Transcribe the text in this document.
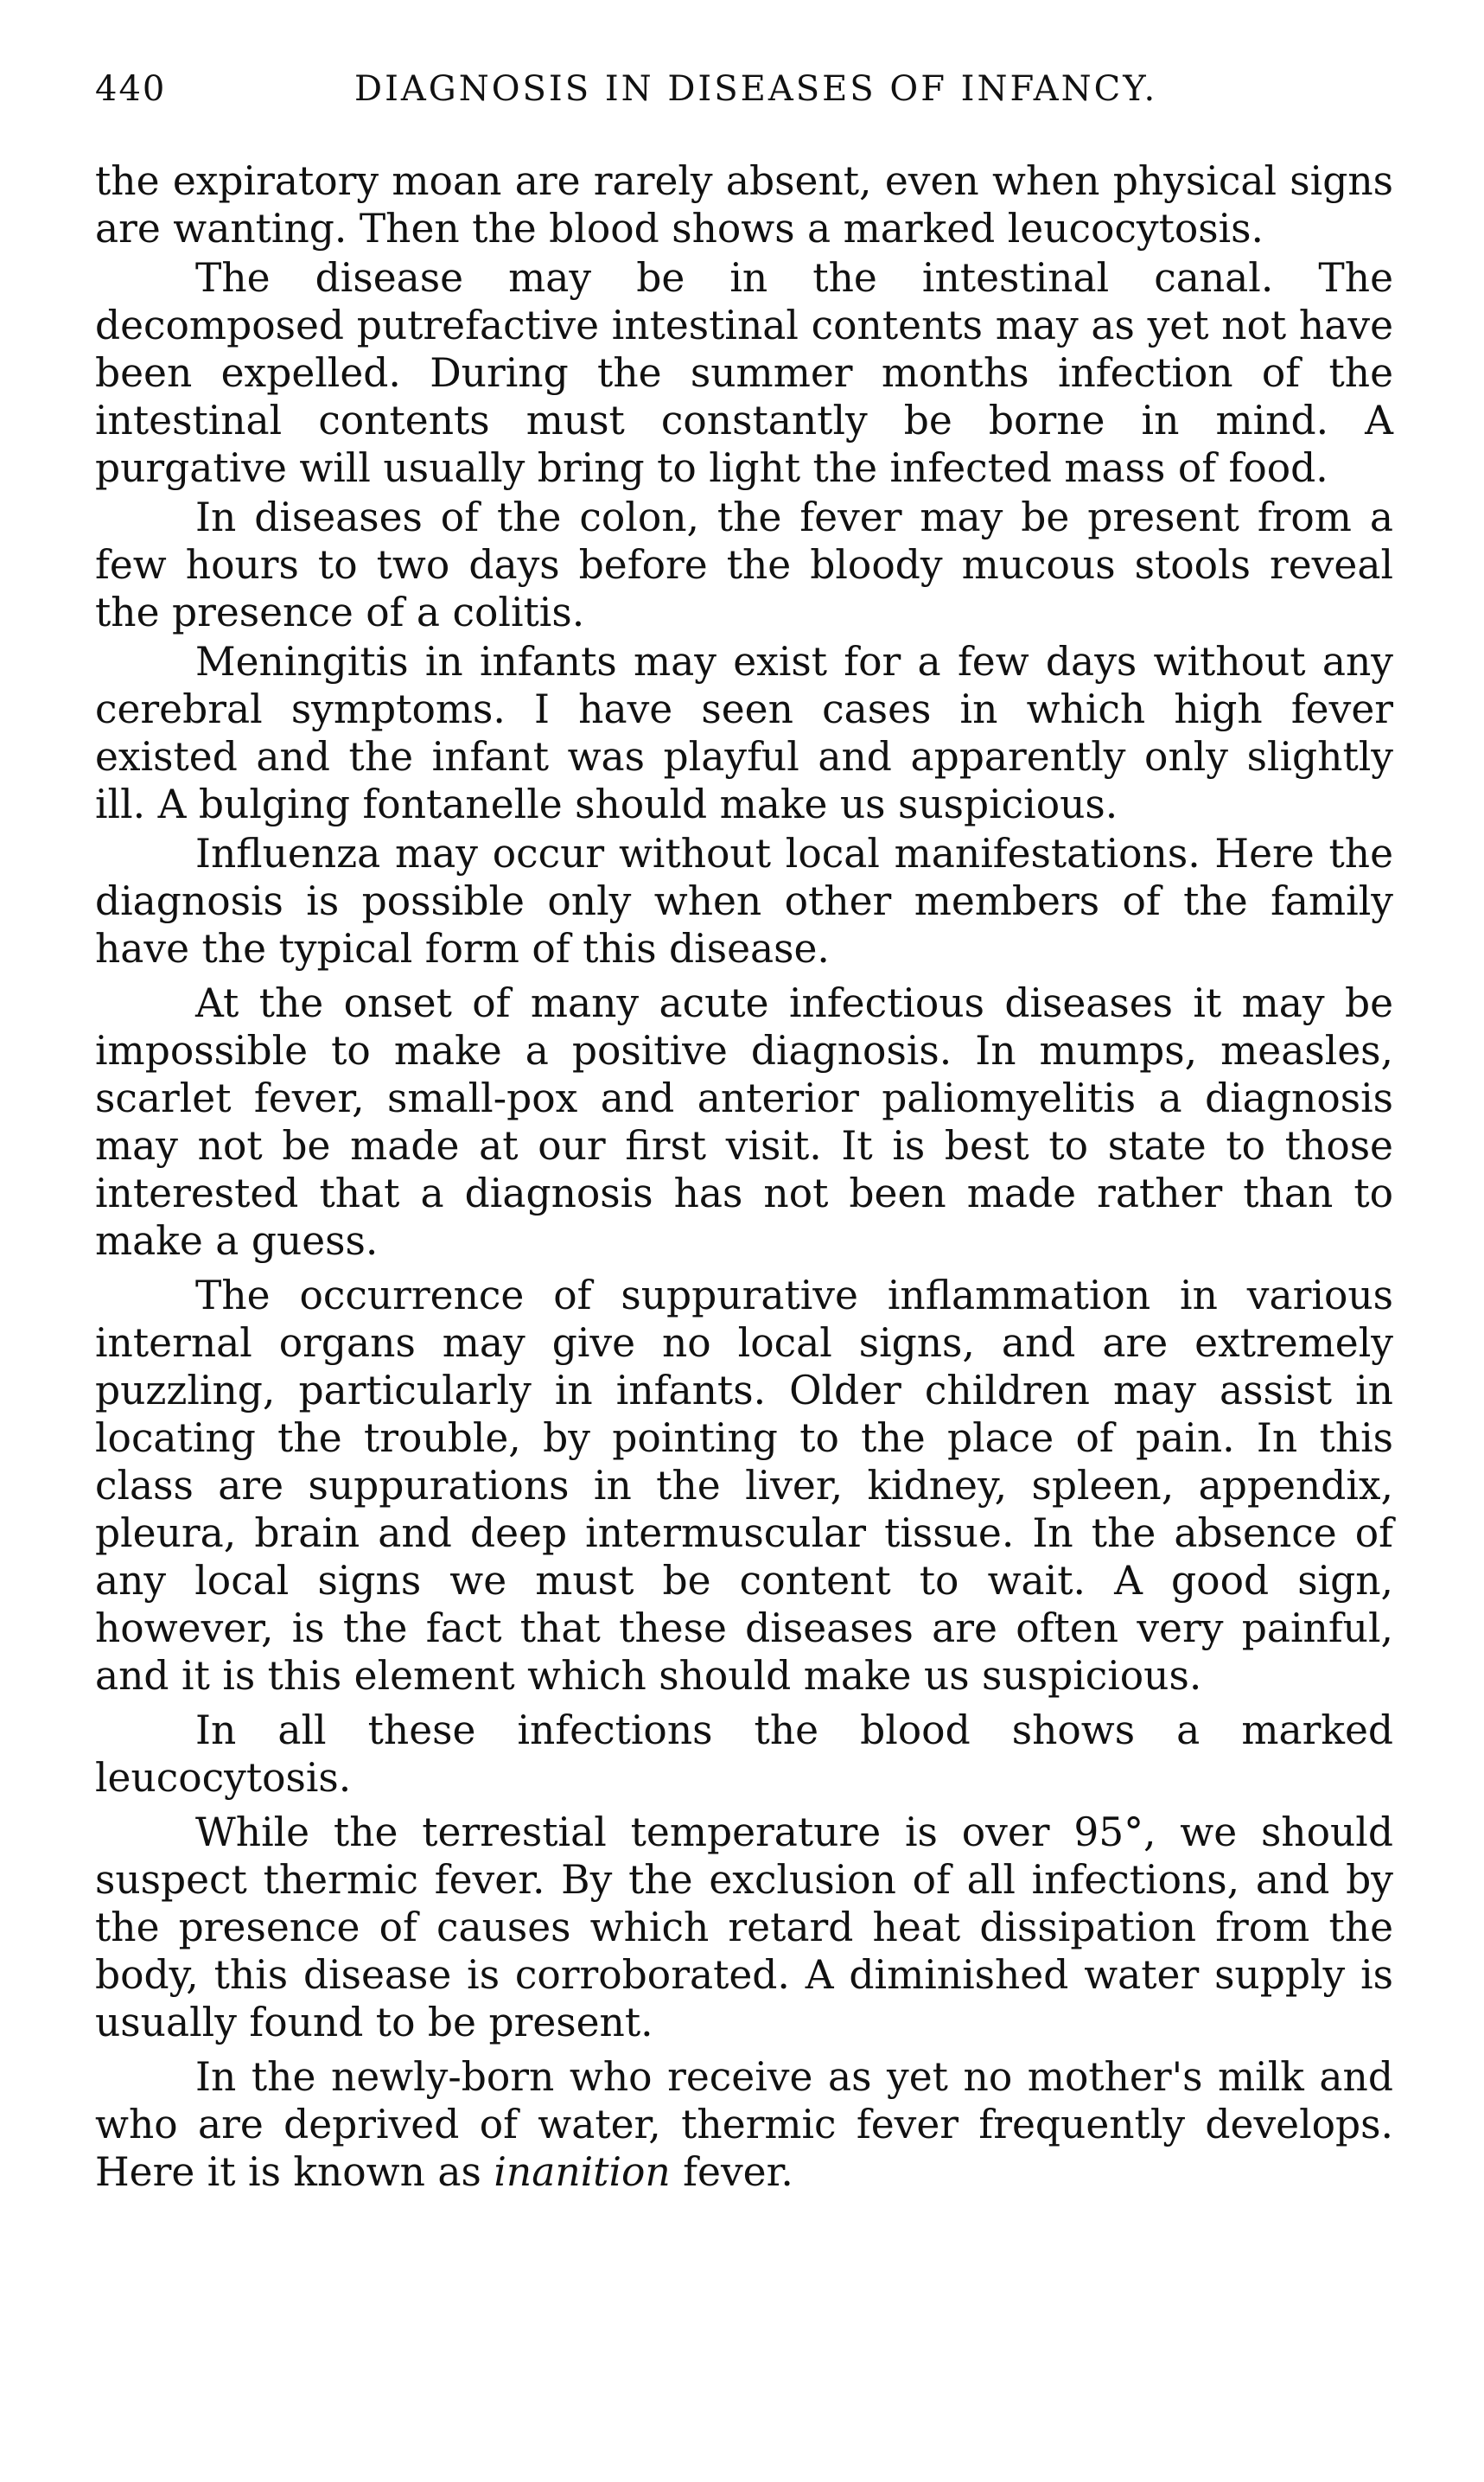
440	DIAGNOSIS IN DISEASES OF INFANCY.

the expiratory moan are rarely absent, even when physical signs are wanting. Then the blood shows a marked leucocytosis.

The disease may be in the intestinal canal. The decomposed putrefactive intestinal contents may as yet not have been expelled. During the summer months infection of the intestinal contents must constantly be borne in mind. A purgative will usually bring to light the infected mass of food.

In diseases of the colon, the fever may be present from a few hours to two days before the bloody mucous stools reveal the presence of a colitis.

Meningitis in infants may exist for a few days without any cerebral symptoms. I have seen cases in which high fever existed and the infant was playful and apparently only slightly ill. A bulging fontanelle should make us suspicious.

Influenza may occur without local manifestations. Here the diagnosis is possible only when other members of the family have the typical form of this disease.

At the onset of many acute infectious diseases it may be impossible to make a positive diagnosis. In mumps, measles, scarlet fever, small-pox and anterior paliomyelitis a diagnosis may not be made at our first visit. It is best to state to those interested that a diagnosis has not been made rather than to make a guess.

The occurrence of suppurative inflammation in various internal organs may give no local signs, and are extremely puzzling, particularly in infants. Older children may assist in locating the trouble, by pointing to the place of pain. In this class are suppurations in the liver, kidney, spleen, appendix, pleura, brain and deep intermuscular tissue. In the absence of any local signs we must be content to wait. A good sign, however, is the fact that these diseases are often very painful, and it is this element which should make us suspicious.

In all these infections the blood shows a marked leucocytosis.

While the terrestial temperature is over 95°, we should suspect thermic fever. By the exclusion of all infections, and by the presence of causes which retard heat dissipation from the body, this disease is corroborated. A diminished water supply is usually found to be present.

In the newly-born who receive as yet no mother's milk and who are deprived of water, thermic fever frequently develops. Here it is known as inanition fever.
